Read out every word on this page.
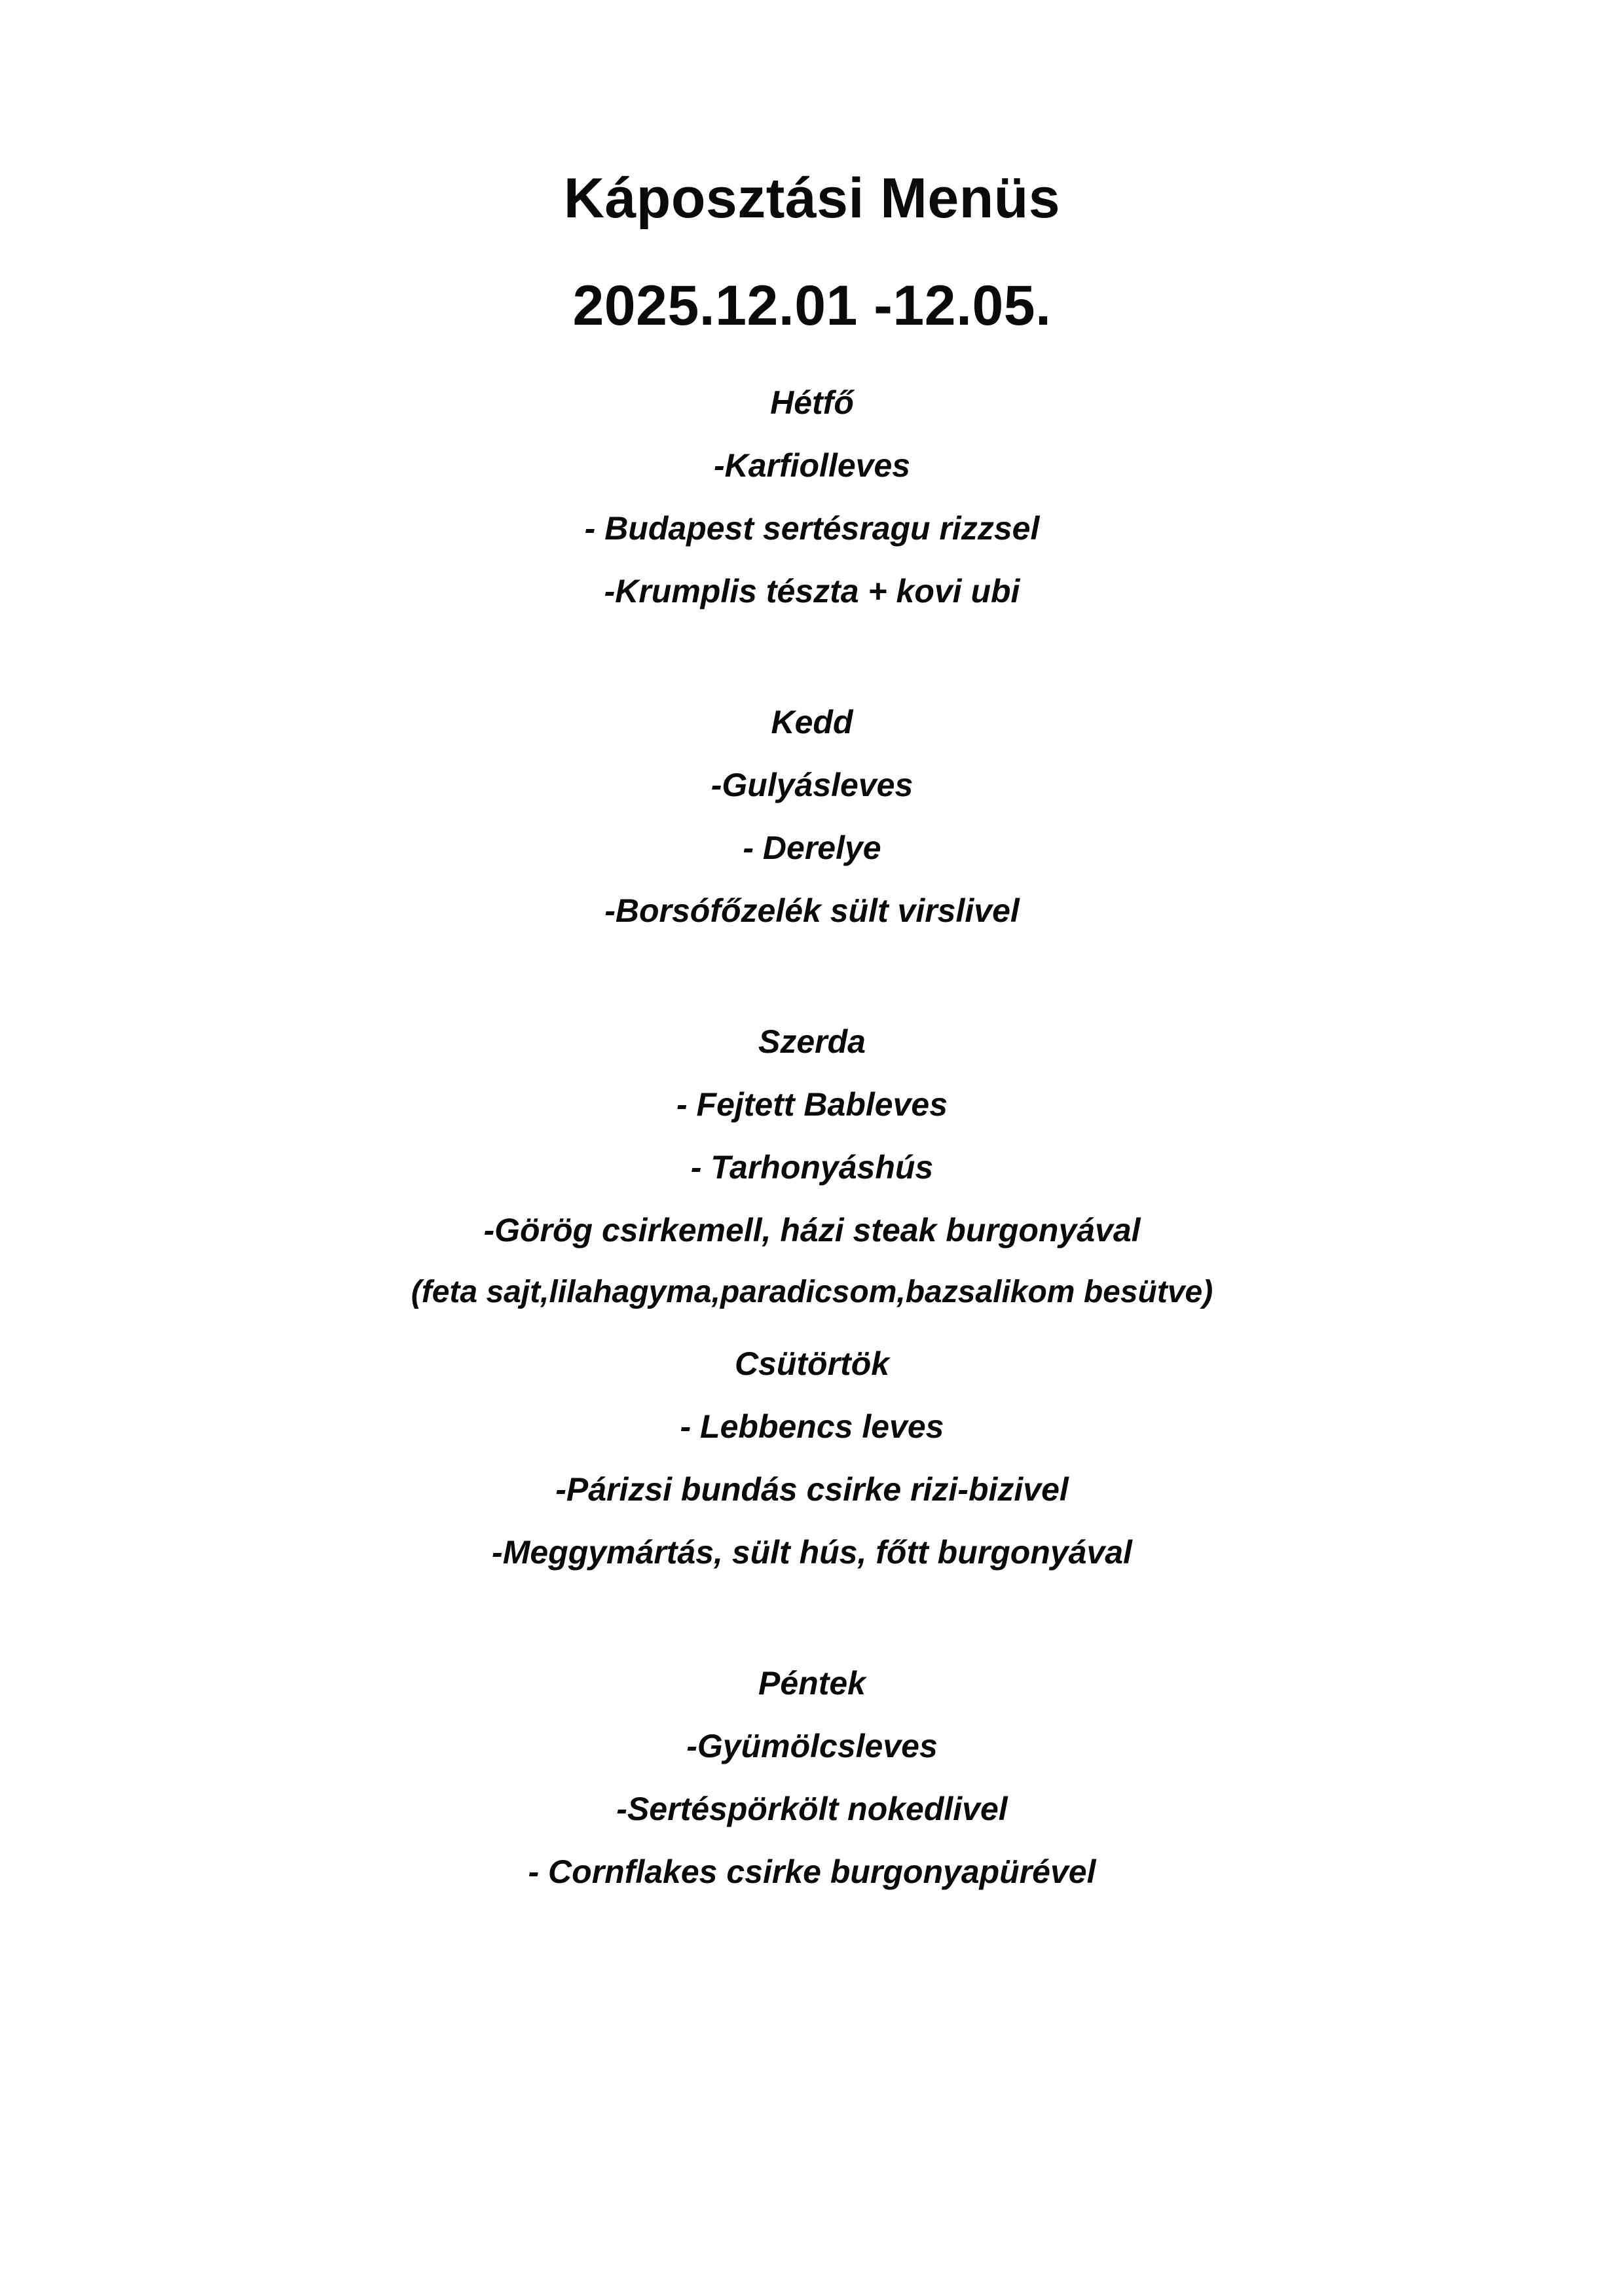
Káposztási Menüs
2025.12.01 -12.05.
Hétfő
-Karfiolleves
- Budapest sertésragu rizzsel
-Krumplis tészta + kovi ubi
Kedd
-Gulyásleves
- Derelye
-Borsófőzelék sült virslivel
Szerda
- Fejtett Bableves
- Tarhonyáshús
-Görög csirkemell, házi steak burgonyával
(feta sajt,lilahagyma,paradicsom,bazsalikom besütve)
Csütörtök
- Lebbencs leves
-Párizsi bundás csirke rizi-bizivel
-Meggymártás, sült hús, főtt burgonyával
Péntek
-Gyümölcsleves
-Sertéspörkölt nokedlivel
- Cornflakes csirke burgonyapürével
